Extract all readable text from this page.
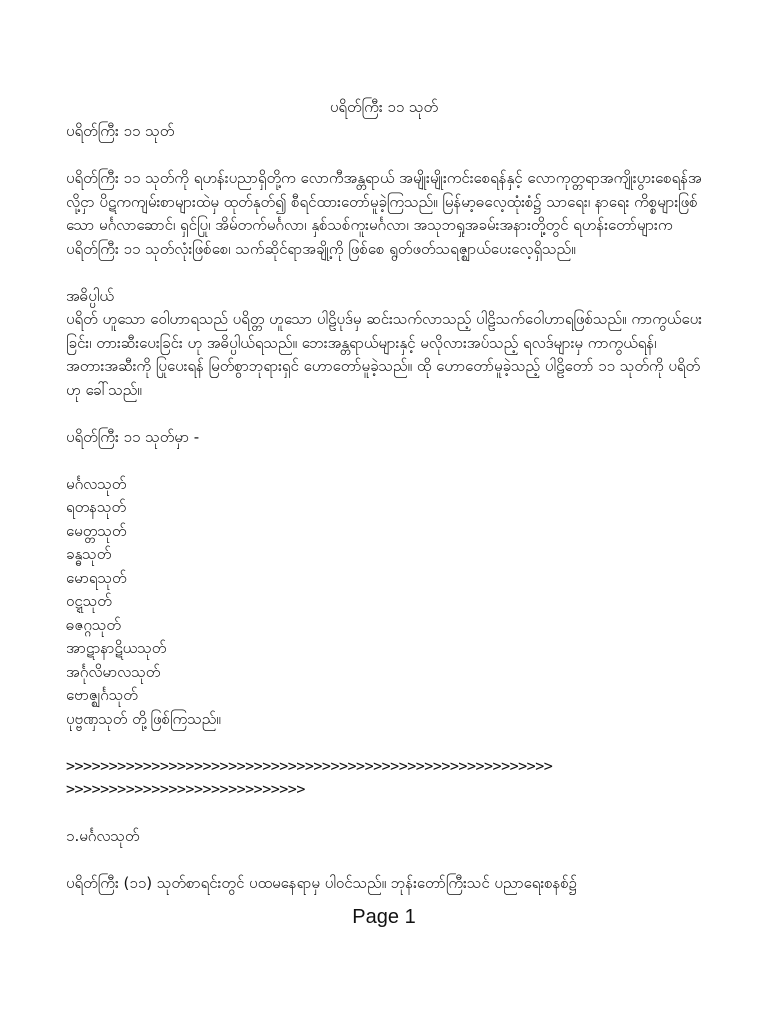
ပရိတ်ကြီး ၁၁ သုတ်

ပရိတ်ကြီး ၁၁ သုတ်

ပရိတ်ကြီး ၁၁ သုတ်ကို ရဟန်းပညာရှိတို့က လောကီအန္တရာယ် အမျိုးမျိုးကင်းစေရန်နှင့် လောကုတ္တရာအကျိုးပွားစေရန်အလို့ငှာ ပိဋကကျမ်းစာများထဲမှ ထုတ်နုတ်၍ စီရင်ထားတော်မူခဲ့ကြသည်။ မြန်မာ့ဓလေ့ထုံးစံ၌ သာရေး၊ နာရေး ကိစ္စများဖြစ်သော မင်္ဂလာဆောင်၊ ရှင်ပြု၊ အိမ်တက်မင်္ဂလာ၊ နှစ်သစ်ကူးမင်္ဂလာ၊ အသုဘရှုအခမ်းအနားတို့တွင် ရဟန်းတော်များက ပရိတ်ကြီး ၁၁ သုတ်လုံးဖြစ်စေ၊ သက်ဆိုင်ရာအချို့ကို ဖြစ်စေ ရွတ်ဖတ်သရဇ္ဈာယ်ပေးလေ့ရှိသည်။

အဓိပ္ပါယ်

ပရိတ် ဟူသော ဝေါဟာရသည် ပရိတ္တ ဟူသော ပါဠိပုဒ်မှ ဆင်းသက်လာသည့် ပါဠိသက်ဝေါဟာရဖြစ်သည်။ ကာကွယ်ပေးခြင်း၊ တားဆီးပေးခြင်း ဟု အဓိပ္ပါယ်ရသည်။ ဘေးအန္တရာယ်များနှင့် မလိုလားအပ်သည့် ရလဒ်များမှ ကာကွယ်ရန်၊ အတားအဆီးကို ပြုပေးရန် မြတ်စွာဘုရားရှင် ဟောတော်မူခဲ့သည်။ ထို ဟောတော်မူခဲ့သည့် ပါဠိတော် ၁၁ သုတ်ကို ပရိတ် ဟု ခေါ်သည်။

ပရိတ်ကြီး ၁၁ သုတ်မှာ -

မင်္ဂလသုတ်
ရတနသုတ်
မေတ္တသုတ်
ခန္ဓသုတ်
မောရသုတ်
ဝဋ္ဋသုတ်
ဓဇဂ္ဂသုတ်
အာဋာနာဋိယသုတ်
အင်္ဂုလိမာလသုတ်
ဗောဇ္ဈင်္ဂသုတ်
ပုဗ္ဗဏှသုတ် တို့ဖြစ်ကြသည်။

>>>>>>>>>>>>>>>>>>>>>>>>>>>>>>>>>>>>>>>>>>>>>>>>>>>>>>>>>

>>>>>>>>>>>>>>>>>>>>>>>>>>>>

၁.မင်္ဂလသုတ်

ပရိတ်ကြီး (၁၁) သုတ်စာရင်းတွင် ပထမနေရာမှ ပါဝင်သည်။ ဘုန်းတော်ကြီးသင် ပညာရေးစနစ်၌

Page 1
